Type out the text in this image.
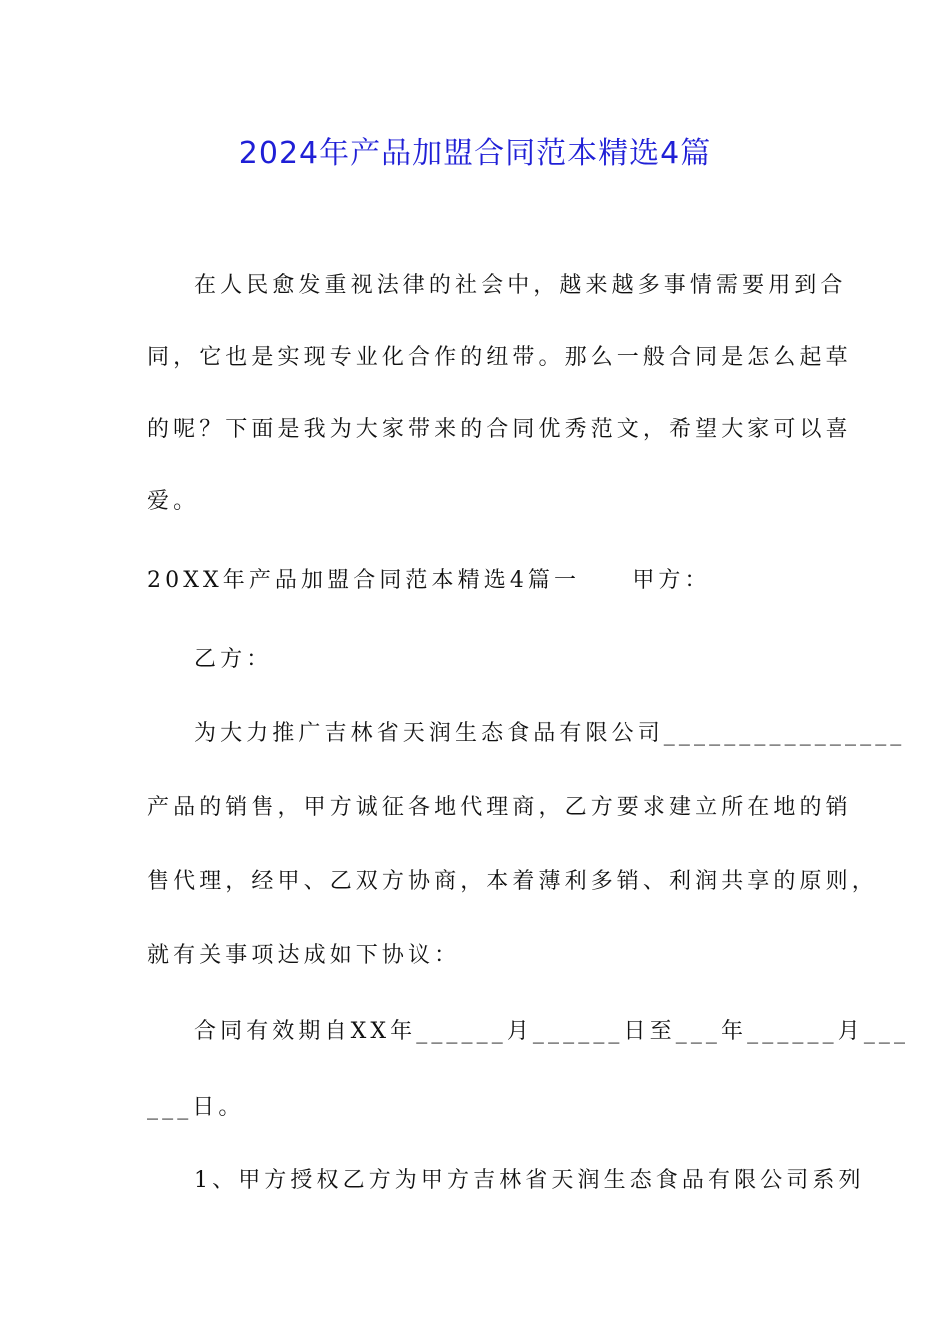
2024年产品加盟合同范本精选4篇

在人民愈发重视法律的社会中，越来越多事情需要用到合

同，它也是实现专业化合作的纽带。那么一般合同是怎么起草

的呢？下面是我为大家带来的合同优秀范文，希望大家可以喜

爱。

20XX年产品加盟合同范本精选4篇一　　甲方：

乙方：

为大力推广吉林省天润生态食品有限公司________________

产品的销售，甲方诚征各地代理商，乙方要求建立所在地的销

售代理，经甲、乙双方协商，本着薄利多销、利润共享的原则，

就有关事项达成如下协议：

合同有效期自XX年______月______日至___年______月___

___日。

1、甲方授权乙方为甲方吉林省天润生态食品有限公司系列
